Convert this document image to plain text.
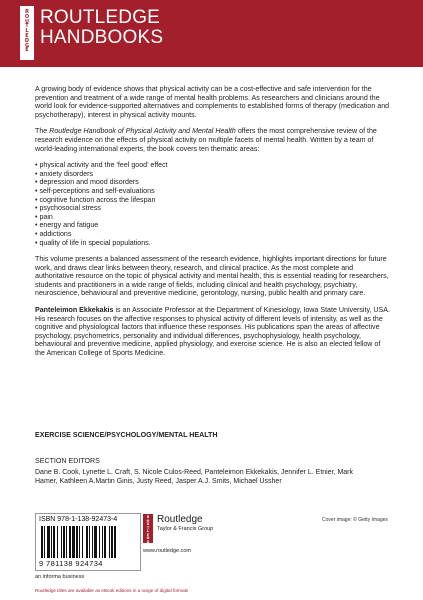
R
O
U
T
L
E
D
G
E
ROUTLEDGE
HANDBOOKS

A growing body of evidence shows that physical activity can be a cost-effective and safe intervention for the prevention and treatment of a wide range of mental health problems. As researchers and clinicians around the world look for evidence-supported alternatives and complements to established forms of therapy (medication and psychotherapy), interest in physical activity mounts.

The Routledge Handbook of Physical Activity and Mental Health offers the most comprehensive review of the research evidence on the effects of physical activity on multiple facets of mental health. Written by a team of world-leading international experts, the book covers ten thematic areas:

• physical activity and the ‘feel good’ effect
• anxiety disorders
• depression and mood disorders
• self-perceptions and self-evaluations
• cognitive function across the lifespan
• psychosocial stress
• pain
• energy and fatigue
• addictions
• quality of life in special populations.

This volume presents a balanced assessment of the research evidence, highlights important directions for future work, and draws clear links between theory, research, and clinical practice. As the most complete and authoritative resource on the topic of physical activity and mental health, this is essential reading for researchers, students and practitioners in a wide range of fields, including clinical and health psychology, psychiatry, neuroscience, behavioural and preventive medicine, gerontology, nursing, public health and primary care.

Panteleimon Ekkekakis is an Associate Professor at the Department of Kinesiology, Iowa State University, USA. His research focuses on the affective responses to physical activity of different levels of intensity, as well as the cognitive and physiological factors that influence these responses. His publications span the areas of affective psychology, psychometrics, personality and individual differences, psychophysiology, health psychology, behavioural and preventive medicine, applied physiology, and exercise science. He is also an elected fellow of the American College of Sports Medicine.

EXERCISE SCIENCE/PSYCHOLOGY/MENTAL HEALTH
SECTION EDITORS
Dane B. Cook, Lynette L. Craft, S. Nicole Culos-Reed, Panteleimon Ekkekakis, Jennifer L. Etnier, Mark Hamer, Kathleen A.Martin Ginis, Justy Reed, Jasper A.J. Smits, Michael Ussher
ISBN 978-1-138-92473-4
9 781138 924734
an informa business
R
O
U
T
L
E
D
G
E
Routledge
Taylor & Francis Group
www.routledge.com
Cover image: © Getty Images
Routledge titles are available as eBook editions in a range of digital formats
